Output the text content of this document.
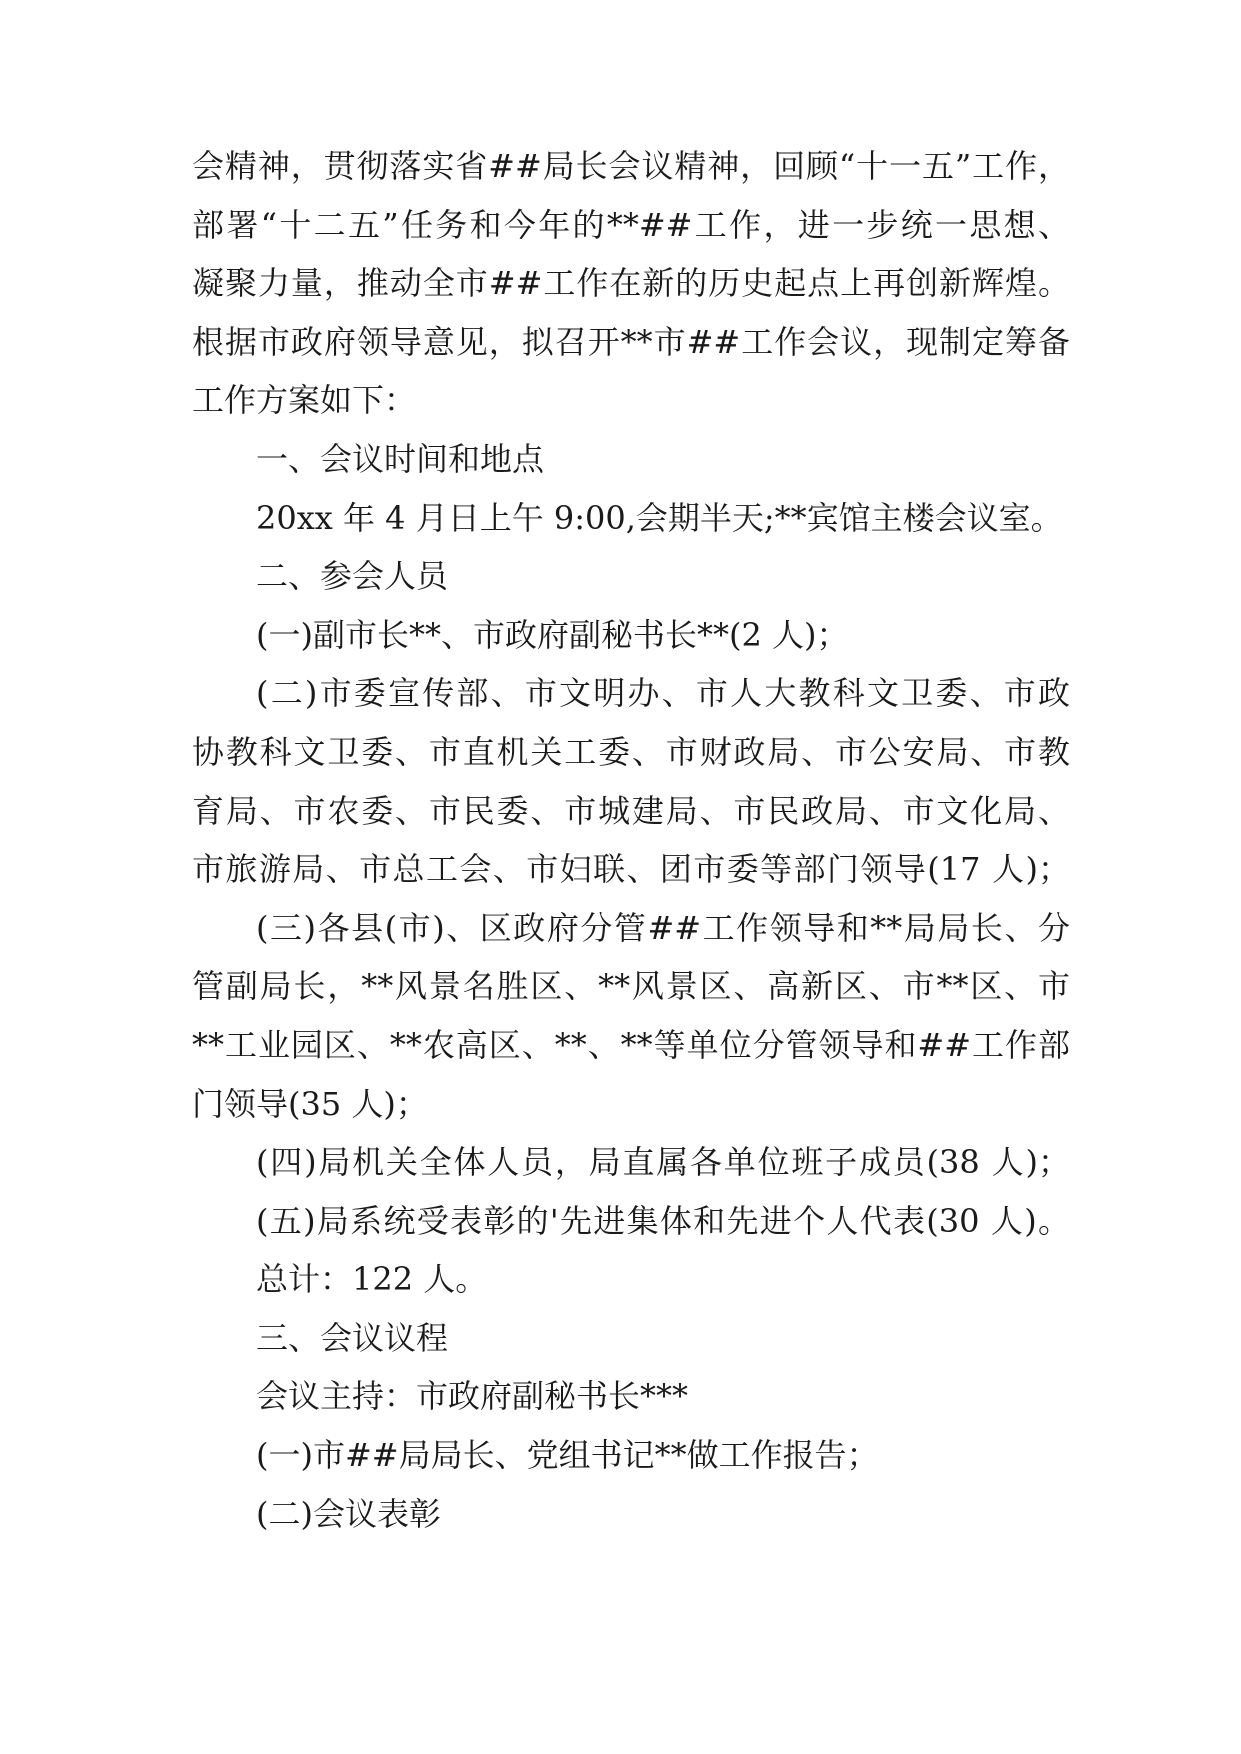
会精神，贯彻落实省##局长会议精神，回顾“十一五”工作，
部署“十二五”任务和今年的**##工作，进一步统一思想、
凝聚力量，推动全市##工作在新的历史起点上再创新辉煌。
根据市政府领导意见，拟召开**市##工作会议，现制定筹备
工作方案如下：
一、会议时间和地点
20xx 年 4 月日上午 9:00,会期半天;**宾馆主楼会议室。
二、参会人员
(一)副市长**、市政府副秘书长**(2 人)；
(二)市委宣传部、市文明办、市人大教科文卫委、市政
协教科文卫委、市直机关工委、市财政局、市公安局、市教
育局、市农委、市民委、市城建局、市民政局、市文化局、
市旅游局、市总工会、市妇联、团市委等部门领导(17 人)；
(三)各县(市)、区政府分管##工作领导和**局局长、分
管副局长，**风景名胜区、**风景区、高新区、市**区、市
**工业园区、**农高区、**、**等单位分管领导和##工作部
门领导(35 人)；
(四)局机关全体人员，局直属各单位班子成员(38 人)；
(五)局系统受表彰的'先进集体和先进个人代表(30 人)。
总计：122 人。
三、会议议程
会议主持：市政府副秘书长***
(一)市##局局长、党组书记**做工作报告；
(二)会议表彰
